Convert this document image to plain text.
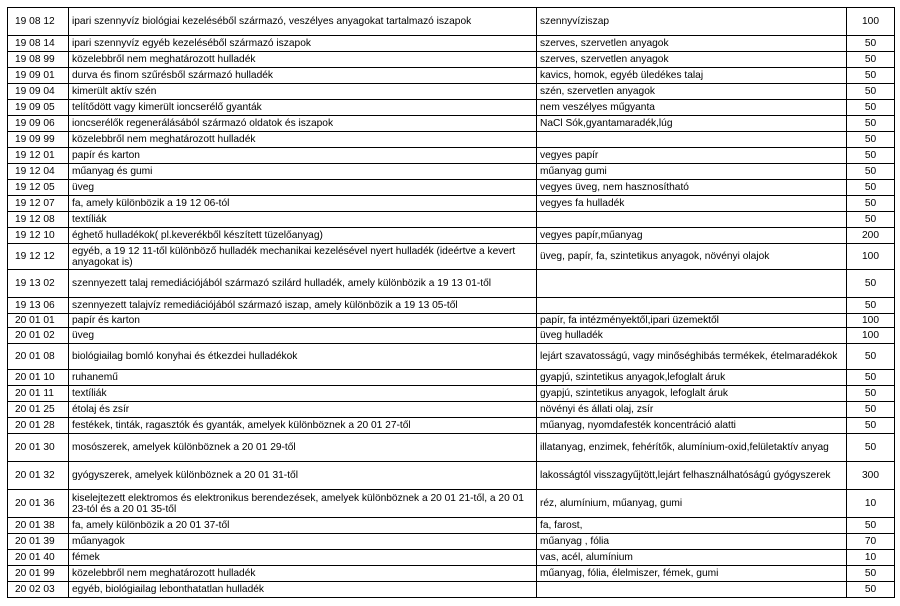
19 08 12	ipari szennyvíz biológiai kezeléséből származó, veszélyes anyagokat tartalmazó iszapok	szennyvíziszap	100
19 08 14	ipari szennyvíz egyéb kezeléséből származó iszapok	szerves, szervetlen anyagok	50
19 08 99	közelebbről nem meghatározott hulladék	szerves, szervetlen anyagok	50
19 09 01	durva és finom szűrésből származó hulladék	kavics, homok, egyéb üledékes talaj	50
19 09 04	kimerült aktív szén	szén, szervetlen anyagok	50
19 09 05	telítődött vagy kimerült ioncserélő gyanták	nem veszélyes műgyanta	50
19 09 06	ioncserélők regenerálásából származó oldatok és iszapok	NaCl Sók,gyantamaradék,lúg	50
19 09 99	közelebbről nem meghatározott hulladék		50
19 12 01	papír és karton	vegyes papír	50
19 12 04	műanyag és gumi	műanyag gumi	50
19 12 05	üveg	vegyes üveg, nem hasznosítható	50
19 12 07	fa, amely különbözik a 19 12 06-tól	vegyes fa hulladék	50
19 12 08	textíliák		50
19 12 10	éghető hulladékok( pl.keverékből készített tüzelőanyag)	vegyes papír,műanyag	200
19 12 12	egyéb, a 19 12 11-től különböző hulladék mechanikai kezelésével nyert hulladék (ideértve a kevert anyagokat is)	üveg, papír, fa, szintetikus anyagok, növényi olajok	100
19 13 02	szennyezett talaj remediációjából származó szilárd hulladék, amely különbözik a 19 13 01-től		50
19 13 06	szennyezett talajvíz remediációjából származó iszap, amely különbözik a 19 13 05-től		50
20 01 01	papír és karton	papír, fa intézményektől,ipari üzemektől	100
20 01 02	üveg	üveg hulladék	100
20 01 08	biológiailag bomló konyhai és étkezdei hulladékok	lejárt szavatosságú, vagy minőséghibás termékek, ételmaradékok	50
20 01 10	ruhanemű	gyapjú, szintetikus anyagok,lefoglalt áruk	50
20 01 11	textíliák	gyapjú, szintetikus anyagok, lefoglalt áruk	50
20 01 25	étolaj és zsír	növényi és állati olaj, zsír	50
20 01 28	festékek, tinták, ragasztók és gyanták, amelyek különböznek a 20 01 27-től	műanyag, nyomdafesték koncentráció alatti	50
20 01 30	mosószerek, amelyek különböznek a 20 01 29-től	illatanyag, enzimek, fehérítők, alumínium-oxid,felületaktív anyag	50
20 01 32	gyógyszerek, amelyek különböznek a 20 01 31-től	lakosságtól visszagyűjtött,lejárt felhasználhatóságú gyógyszerek	300
20 01 36	kiselejtezett elektromos és elektronikus berendezések, amelyek különböznek a 20 01 21-től, a 20 01 23-tól és a 20 01 35-től	réz, alumínium, műanyag, gumi	10
20 01 38	fa, amely különbözik a 20 01 37-től	fa, farost,	50
20 01 39	műanyagok	műanyag , fólia	70
20 01 40	fémek	vas, acél, alumínium	10
20 01 99	közelebbről nem meghatározott hulladék	műanyag, fólia, élelmiszer, fémek, gumi	50
20 02 03	egyéb, biológiailag lebonthatatlan hulladék		50
